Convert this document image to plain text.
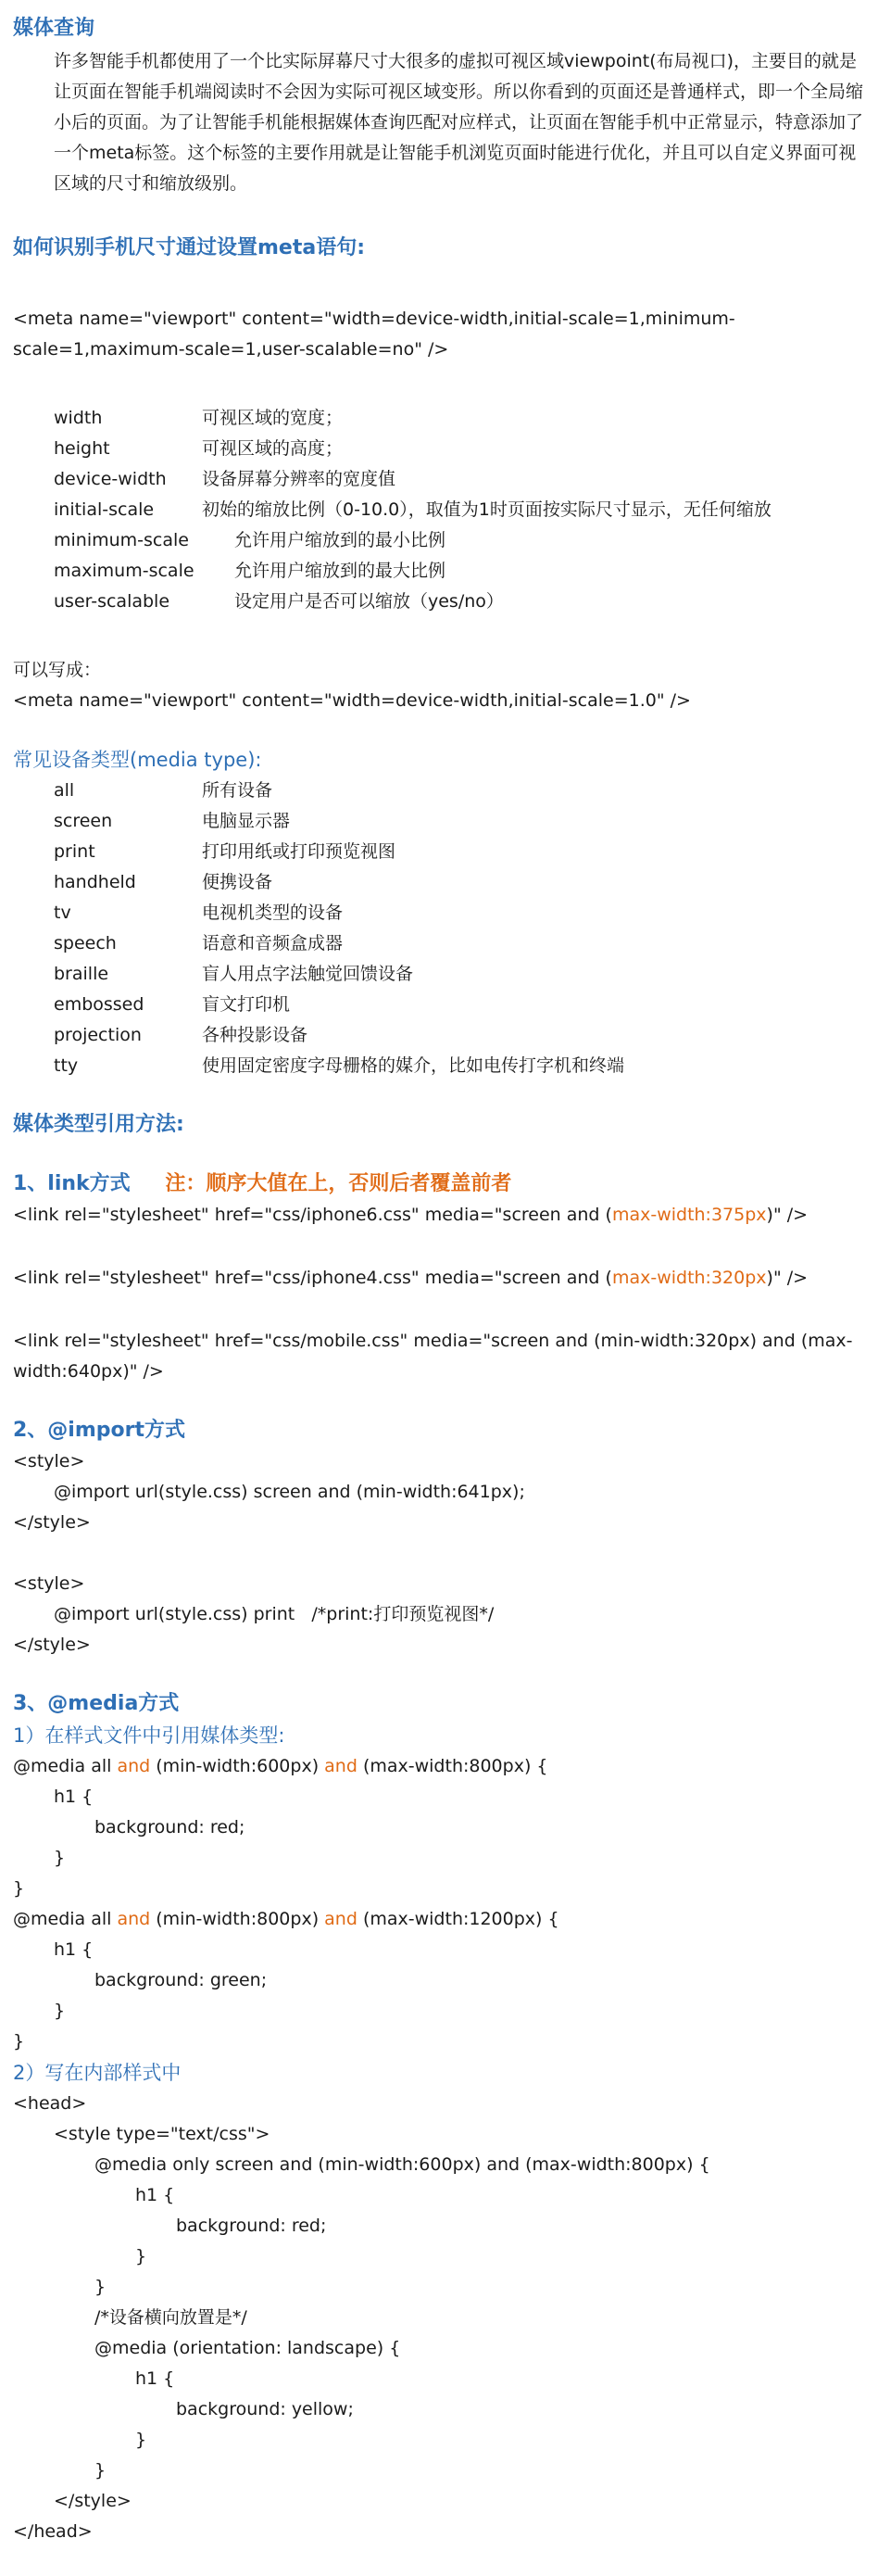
媒体查询
许多智能手机都使用了一个比实际屏幕尺寸大很多的虚拟可视区域viewpoint(布局视口)，主要目的就是让页面在智能手机端阅读时不会因为实际可视区域变形。所以你看到的页面还是普通样式，即一个全局缩小后的页面。为了让智能手机能根据媒体查询匹配对应样式，让页面在智能手机中正常显示，特意添加了一个meta标签。这个标签的主要作用就是让智能手机浏览页面时能进行优化，并且可以自定义界面可视区域的尺寸和缩放级别。
如何识别手机尺寸通过设置meta语句:
<meta name="viewport" content="width=device-width,initial-scale=1,minimum-scale=1,maximum-scale=1,user-scalable=no" />
width	可视区域的宽度；
height	可视区域的高度；
device-width	设备屏幕分辨率的宽度值
initial-scale	初始的缩放比例（0-10.0），取值为1时页面按实际尺寸显示，无任何缩放
minimum-scale	允许用户缩放到的最小比例
maximum-scale	允许用户缩放到的最大比例
user-scalable	设定用户是否可以缩放（yes/no）
可以写成：
<meta name="viewport" content="width=device-width,initial-scale=1.0" />
常见设备类型(media type):
all	所有设备
screen	电脑显示器
print	打印用纸或打印预览视图
handheld	便携设备
tv	电视机类型的设备
speech	语意和音频盒成器
braille	盲人用点字法触觉回馈设备
embossed	盲文打印机
projection	各种投影设备
tty	使用固定密度字母栅格的媒介，比如电传打字机和终端
媒体类型引用方法:
1、link方式 注：顺序大值在上，否则后者覆盖前者
<link rel="stylesheet" href="css/iphone6.css" media="screen and (max-width:375px)" />
<link rel="stylesheet" href="css/iphone4.css" media="screen and (max-width:320px)" />
<link rel="stylesheet" href="css/mobile.css" media="screen and (min-width:320px) and (max-width:640px)" />
2、@import方式
<style>
@import url(style.css) screen and (min-width:641px);
</style>
<style>
@import url(style.css) print   /*print:打印预览视图*/
</style>
3、@media方式
1）在样式文件中引用媒体类型:
@media all and (min-width:600px) and (max-width:800px) {
h1 {
background: red;
}
}
@media all and (min-width:800px) and (max-width:1200px) {
h1 {
background: green;
}
}
2）写在内部样式中
<head>
<style type="text/css">
@media only screen and (min-width:600px) and (max-width:800px) {
h1 {
background: red;
}
}
/*设备横向放置是*/
@media (orientation: landscape) {
h1 {
background: yellow;
}
}
</style>
</head>
